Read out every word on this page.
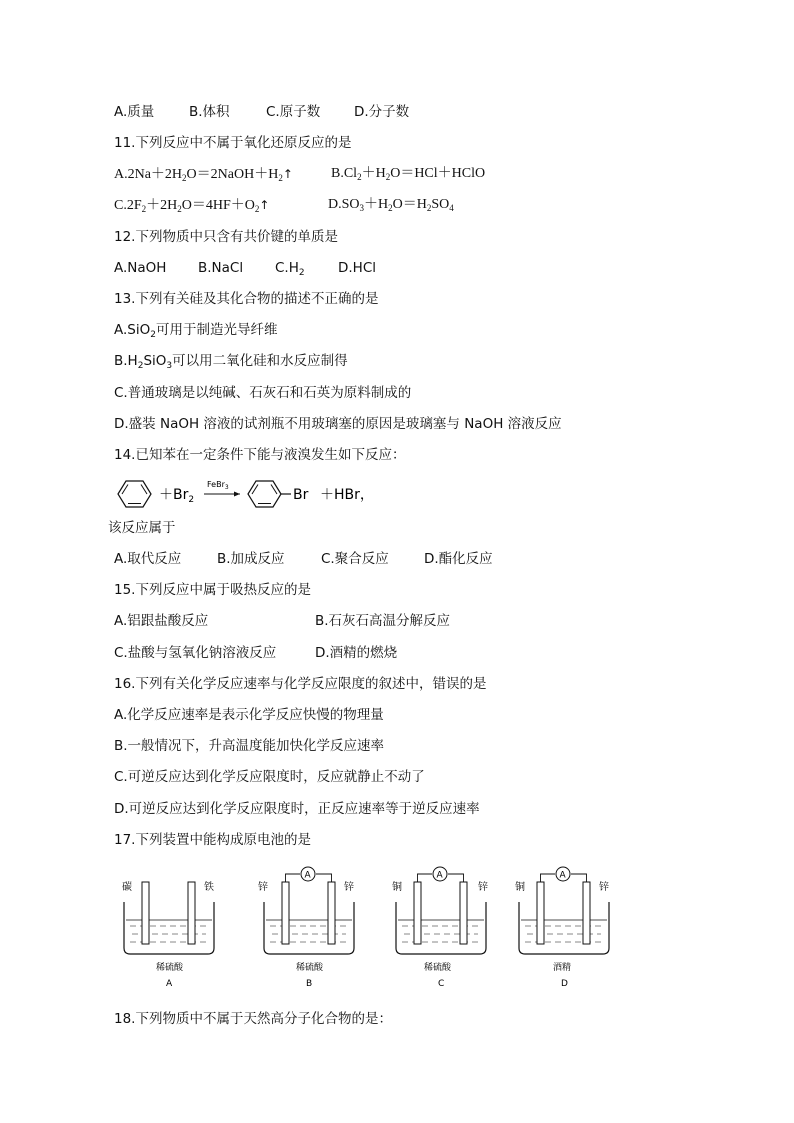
A.质量	B.体积	C.原子数	D.分子数
11.下列反应中不属于氧化还原反应的是
$A.2Na+2H_2O=2NaOH+H_2↑$	$B.Cl_2+H_2O=HCl+HClO$
$C.2F_2+2H_2O=4HF+O_2↑$	$D.SO_3+H_2O=H_2SO_4$
12.下列物质中只含有共价键的单质是
A.NaOH B.NaCl $C.H_2$ D.HCl
13.下列有关硅及其化合物的描述不正确的是
A.SiO$_2$可用于制造光导纤维
$B.H_2SiO_3$可以用二氧化硅和水反应制得
C.普通玻璃是以纯碱、石灰石和石英为原料制成的
D.盛装 NaOH 溶液的试剂瓶不用玻璃塞的原因是玻璃塞与 NaOH 溶液反应
14.已知苯在一定条件下能与液溴发生如下反应：
$+Br_2$
FeBr$_3$	Br ＋HBr，
该反应属于
A.取代反应	B.加成反应	C.聚合反应	D.酯化反应
15.下列反应中属于吸热反应的是
A.铝跟盐酸反应	B.石灰石高温分解反应
C.盐酸与氢氧化钠溶液反应	D.酒精的燃烧
16.下列有关化学反应速率与化学反应限度的叙述中，错误的是
A.化学反应速率是表示化学反应快慢的物理量
B.一般情况下，升高温度能加快化学反应速率
C.可逆反应达到化学反应限度时，反应就静止不动了
D.可逆反应达到化学反应限度时，正反应速率等于逆反应速率
17.下列装置中能构成原电池的是
碳	铁
稀硫酸
A
A
锌	锌
稀硫酸
B
A
铜	锌
稀硫酸
C
A
铜	锌
酒精
D
18.下列物质中不属于天然高分子化合物的是：
